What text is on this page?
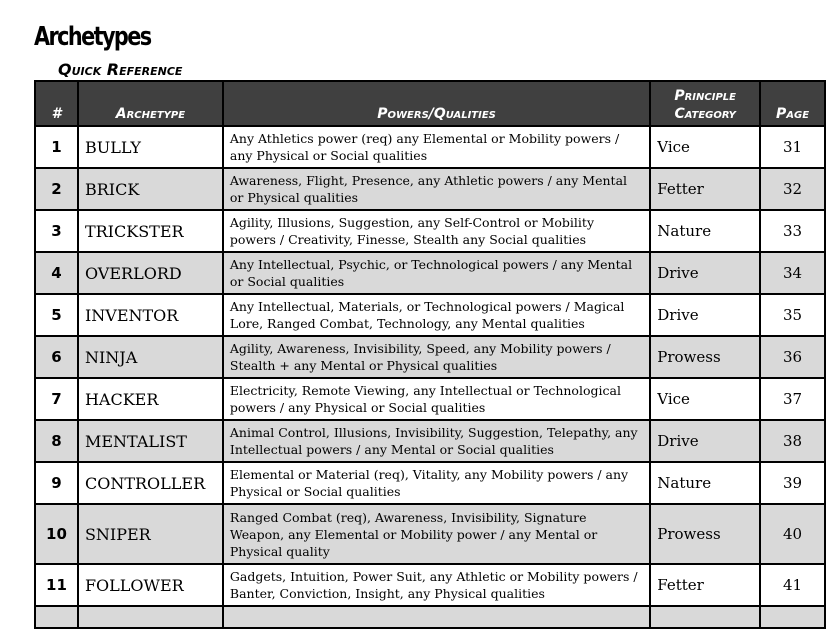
Archetypes
Quick Reference
#	Archetype	Powers/Qualities	Principle Category	Page
1	BULLY	Any Athletics power (req) any Elemental or Mobility powers / any Physical or Social qualities	Vice	31
2	BRICK	Awareness, Flight, Presence, any Athletic powers / any Mental or Physical qualities	Fetter	32
3	TRICKSTER	Agility, Illusions, Suggestion, any Self-Control or Mobility powers / Creativity, Finesse, Stealth any Social qualities	Nature	33
4	OVERLORD	Any Intellectual, Psychic, or Technological powers / any Mental or Social qualities	Drive	34
5	INVENTOR	Any Intellectual, Materials, or Technological powers / Magical Lore, Ranged Combat, Technology, any Mental qualities	Drive	35
6	NINJA	Agility, Awareness, Invisibility, Speed, any Mobility powers / Stealth + any Mental or Physical qualities	Prowess	36
7	HACKER	Electricity, Remote Viewing, any Intellectual or Technological powers / any Physical or Social qualities	Vice	37
8	MENTALIST	Animal Control, Illusions, Invisibility, Suggestion, Telepathy, any Intellectual powers / any Mental or Social qualities	Drive	38
9	CONTROLLER	Elemental or Material (req), Vitality, any Mobility powers / any Physical or Social qualities	Nature	39
10	SNIPER	Ranged Combat (req), Awareness, Invisibility, Signature Weapon, any Elemental or Mobility power / any Mental or Physical quality	Prowess	40
11	FOLLOWER	Gadgets, Intuition, Power Suit, any Athletic or Mobility powers / Banter, Conviction, Insight, any Physical qualities	Fetter	41
